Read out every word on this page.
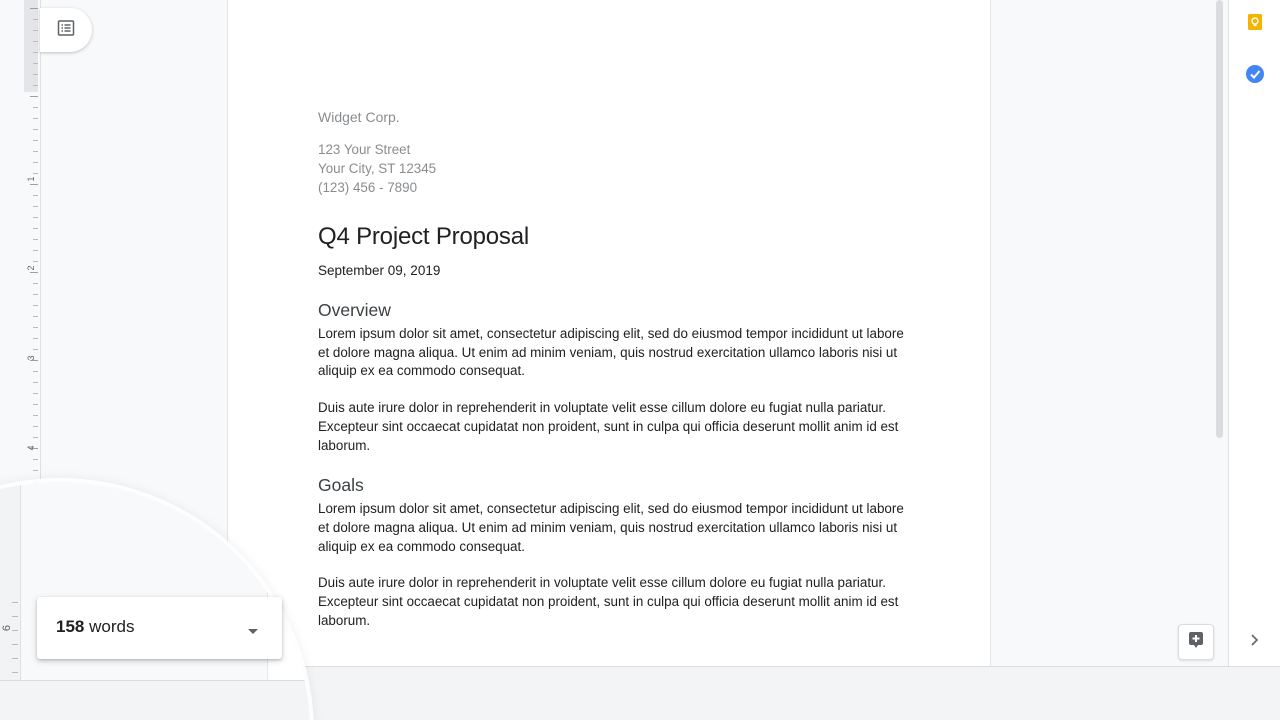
1
2
3
4
Widget Corp.
123 Your Street
Your City, ST 12345
(123) 456 - 7890
Q4 Project Proposal
September 09, 2019
Overview
Lorem ipsum dolor sit amet, consectetur adipiscing elit, sed do eiusmod tempor incididunt ut labore et dolore magna aliqua. Ut enim ad minim veniam, quis nostrud exercitation ullamco laboris nisi ut aliquip ex ea commodo consequat.
Duis aute irure dolor in reprehenderit in voluptate velit esse cillum dolore eu fugiat nulla pariatur. Excepteur sint occaecat cupidatat non proident, sunt in culpa qui officia deserunt mollit anim id est laborum.
Goals
Lorem ipsum dolor sit amet, consectetur adipiscing elit, sed do eiusmod tempor incididunt ut labore et dolore magna aliqua. Ut enim ad minim veniam, quis nostrud exercitation ullamco laboris nisi ut aliquip ex ea commodo consequat.
Duis aute irure dolor in reprehenderit in voluptate velit esse cillum dolore eu fugiat nulla pariatur. Excepteur sint occaecat cupidatat non proident, sunt in culpa qui officia deserunt mollit anim id est laborum.
6	158 words
